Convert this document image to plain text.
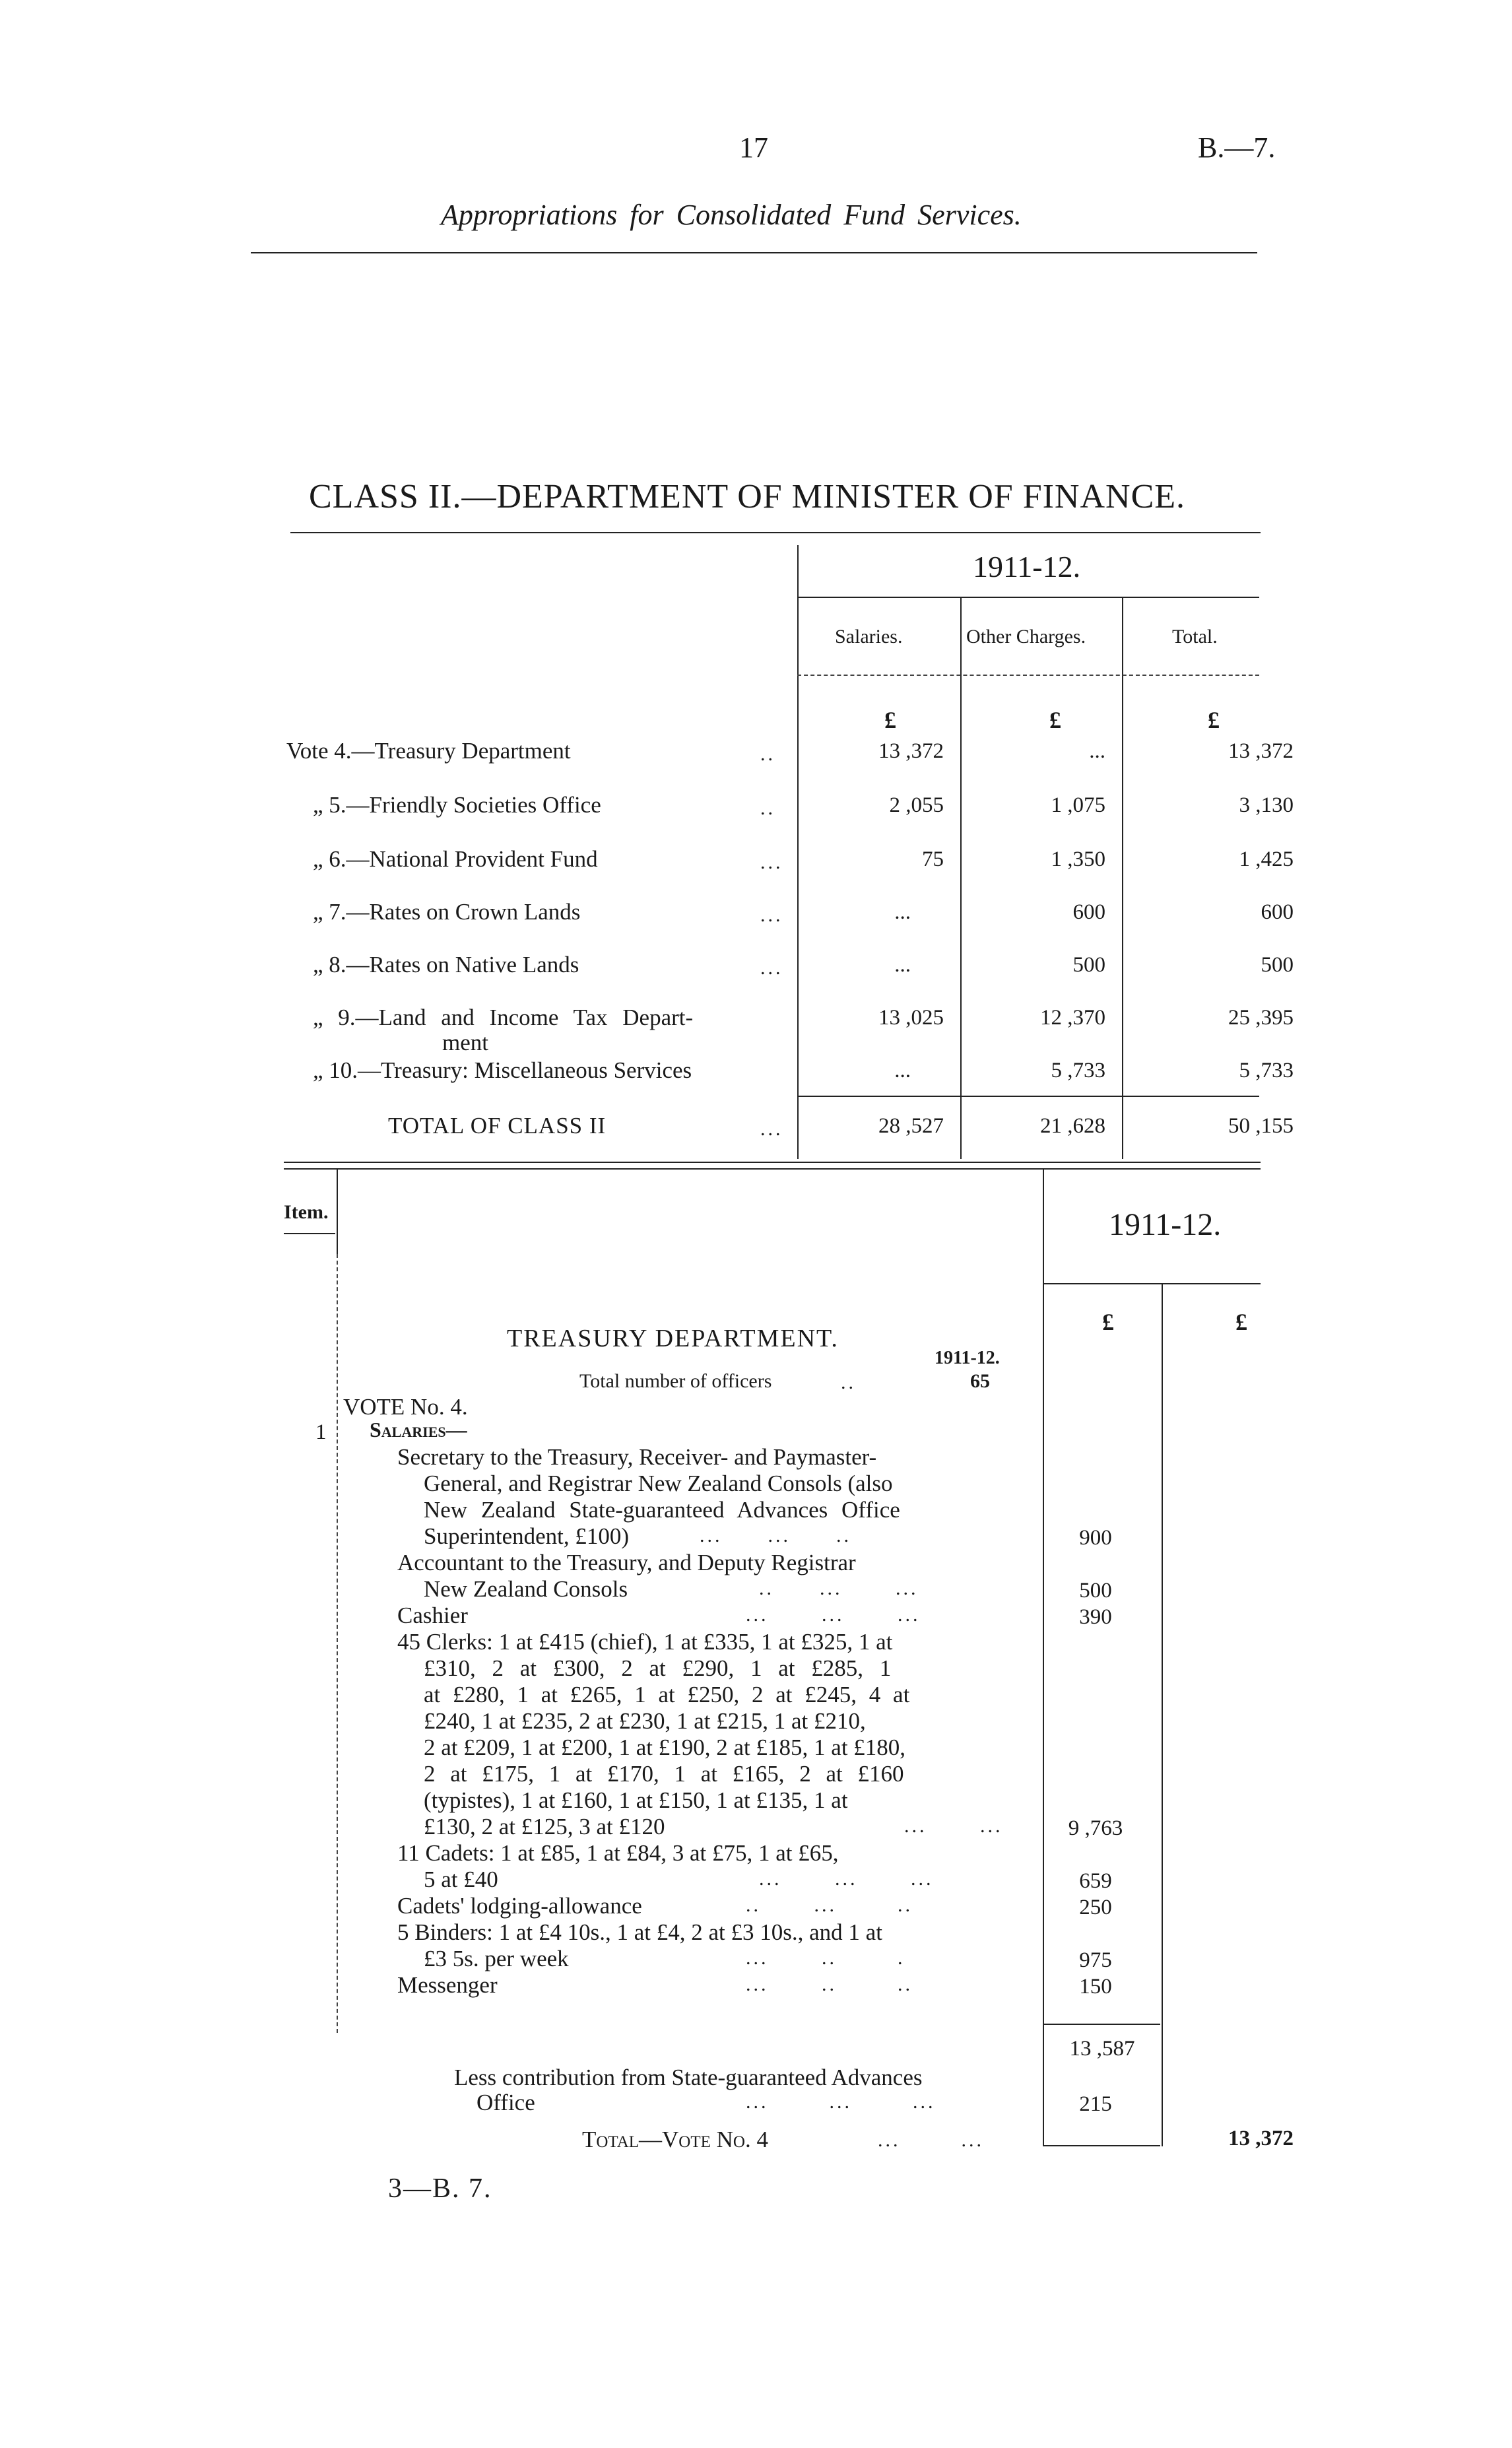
17	B.—7.
Appropriations for Consolidated Fund Services.
CLASS II.—DEPARTMENT OF MINISTER OF FINANCE.
1911-12.
Salaries.	Other Charges.	Total.
£	£	£
Vote 4.—Treasury Department	..	13 ,372	...	13 ,372
„ 5.—Friendly Societies Office	..	2 ,055	1 ,075	3 ,130
„ 6.—National Provident Fund	...	75	1 ,350	1 ,425
„ 7.—Rates on Crown Lands	...	...	600	600
„ 8.—Rates on Native Lands	...	...	500	500
„ 9.—Land and Income Tax Depart-
ment
13 ,025	12 ,370	25 ,395
„ 10.—Treasury: Miscellaneous Services	...	5 ,733	5 ,733
TOTAL OF CLASS II	...	28 ,527	21 ,628	50 ,155
Item.	1911-12.
£	£
TREASURY DEPARTMENT.
1911-12.
Total number of officers	..	65
VOTE No. 4.
1 Salaries—
Secretary to the Treasury, Receiver- and Paymaster-
General, and Registrar New Zealand Consols (also
New Zealand State-guaranteed Advances Office
Superintendent, £100)	...      ...      ..	900
Accountant to the Treasury, and Deputy Registrar
New Zealand Consols	..      ...       ...	500
Cashier	...       ...       ...	390
45 Clerks: 1 at £415 (chief), 1 at £335, 1 at £325, 1 at
£310, 2 at £300, 2 at £290, 1 at £285, 1
at £280, 1 at £265, 1 at £250, 2 at £245, 4 at
£240, 1 at £235, 2 at £230, 1 at £215, 1 at £210,
2 at £209, 1 at £200, 1 at £190, 2 at £185, 1 at £180,
2 at £175, 1 at £170, 1 at £165, 2 at £160
(typistes), 1 at £160, 1 at £150, 1 at £135, 1 at
£130, 2 at £125, 3 at £120	...       ...	9 ,763
11 Cadets: 1 at £85, 1 at £84, 3 at £75, 1 at £65,
5 at £40	...       ...       ...	659
Cadets' lodging-allowance	..       ...        ..	250
5 Binders: 1 at £4 10s., 1 at £4, 2 at £3 10s., and 1 at
£3 5s. per week	...       ..        .	975
Messenger	...       ..        ..	150
13 ,587
Less contribution from State-guaranteed Advances
Office	...        ...        ...	215
Total—Vote No. 4	...        ...	13 ,372
3—B. 7.
